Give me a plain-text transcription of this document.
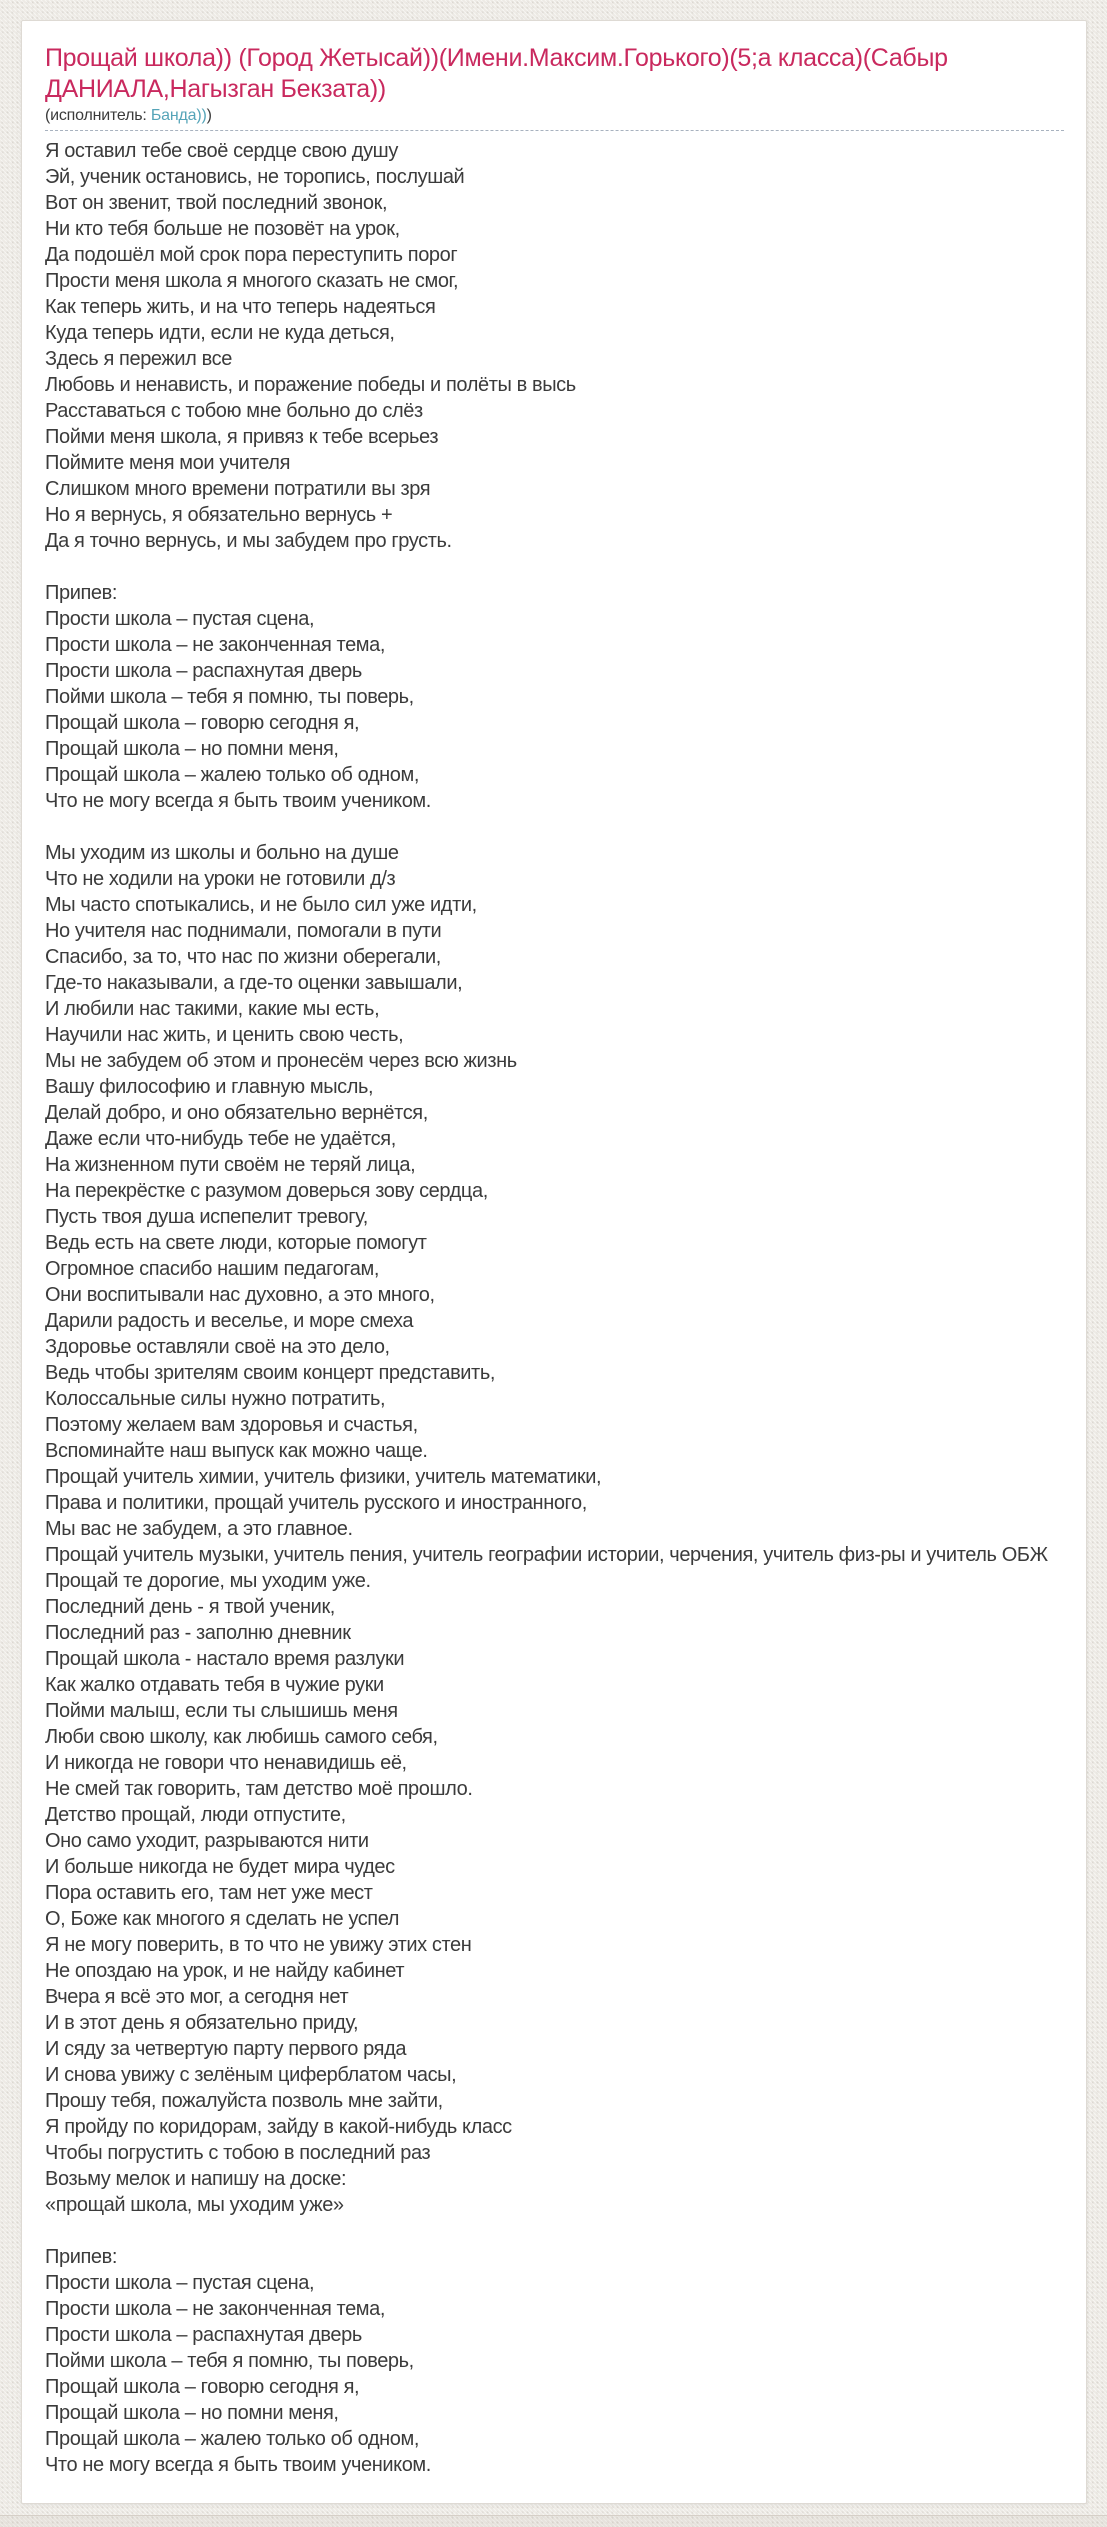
Прощай школа)) (Город Жетысай))(Имени.Максим.Горького)(5;а класса)(Сабыр ДАНИАЛА,Нагызган Бекзата))
(исполнитель: Банда)))
Я оставил тебе своё сердце свою душу
Эй, ученик остановись, не торопись, послушай
Вот он звенит, твой последний звонок,
Ни кто тебя больше не позовёт на урок,
Да подошёл мой срок пора переступить порог
Прости меня школа я многого сказать не смог,
Как теперь жить, и на что теперь надеяться
Куда теперь идти, если не куда деться,
Здесь я пережил все
Любовь и ненависть, и поражение победы и полёты в высь
Расставаться с тобою мне больно до слёз
Пойми меня школа, я привяз к тебе всерьез
Поймите меня мои учителя
Слишком много времени потратили вы зря
Но я вернусь, я обязательно вернусь +
Да я точно вернусь, и мы забудем про грусть.

Припев:
Прости школа – пустая сцена,
Прости школа – не законченная тема,
Прости школа – распахнутая дверь
Пойми школа – тебя я помню, ты поверь,
Прощай школа – говорю сегодня я,
Прощай школа – но помни меня,
Прощай школа – жалею только об одном,
Что не могу всегда я быть твоим учеником.

Мы уходим из школы и больно на душе
Что не ходили на уроки не готовили д/з
Мы часто спотыкались, и не было сил уже идти,
Но учителя нас поднимали, помогали в пути
Спасибо, за то, что нас по жизни оберегали,
Где-то наказывали, а где-то оценки завышали,
И любили нас такими, какие мы есть,
Научили нас жить, и ценить свою честь,
Мы не забудем об этом и пронесём через всю жизнь
Вашу философию и главную мысль,
Делай добро, и оно обязательно вернётся,
Даже если что-нибудь тебе не удаётся,
На жизненном пути своём не теряй лица,
На перекрёстке с разумом доверься зову сердца,
Пусть твоя душа испепелит тревогу,
Ведь есть на свете люди, которые помогут
Огромное спасибо нашим педагогам,
Они воспитывали нас духовно, а это много,
Дарили радость и веселье, и море смеха
Здоровье оставляли своё на это дело,
Ведь чтобы зрителям своим концерт представить,
Колоссальные силы нужно потратить,
Поэтому желаем вам здоровья и счастья,
Вспоминайте наш выпуск как можно чаще.
Прощай учитель химии, учитель физики, учитель математики,
Права и политики, прощай учитель русского и иностранного,
Мы вас не забудем, а это главное.
Прощай учитель музыки, учитель пения, учитель географии истории, черчения, учитель физ-ры и учитель ОБЖ
Прощай те дорогие, мы уходим уже.
Последний день - я твой ученик,
Последний раз - заполню дневник
Прощай школа - настало время разлуки
Как жалко отдавать тебя в чужие руки
Пойми малыш, если ты слышишь меня
Люби свою школу, как любишь самого себя,
И никогда не говори что ненавидишь её,
Не смей так говорить, там детство моё прошло.
Детство прощай, люди отпустите,
Оно само уходит, разрываются нити
И больше никогда не будет мира чудес
Пора оставить его, там нет уже мест
О, Боже как многого я сделать не успел
Я не могу поверить, в то что не увижу этих стен
Не опоздаю на урок, и не найду кабинет
Вчера я всё это мог, а сегодня нет
И в этот день я обязательно приду,
И сяду за четвертую парту первого ряда
И снова увижу с зелёным циферблатом часы,
Прошу тебя, пожалуйста позволь мне зайти,
Я пройду по коридорам, зайду в какой-нибудь класс
Чтобы погрустить с тобою в последний раз
Возьму мелок и напишу на доске:
«прощай школа, мы уходим уже»

Припев:
Прости школа – пустая сцена,
Прости школа – не законченная тема,
Прости школа – распахнутая дверь
Пойми школа – тебя я помню, ты поверь,
Прощай школа – говорю сегодня я,
Прощай школа – но помни меня,
Прощай школа – жалею только об одном,
Что не могу всегда я быть твоим учеником.
